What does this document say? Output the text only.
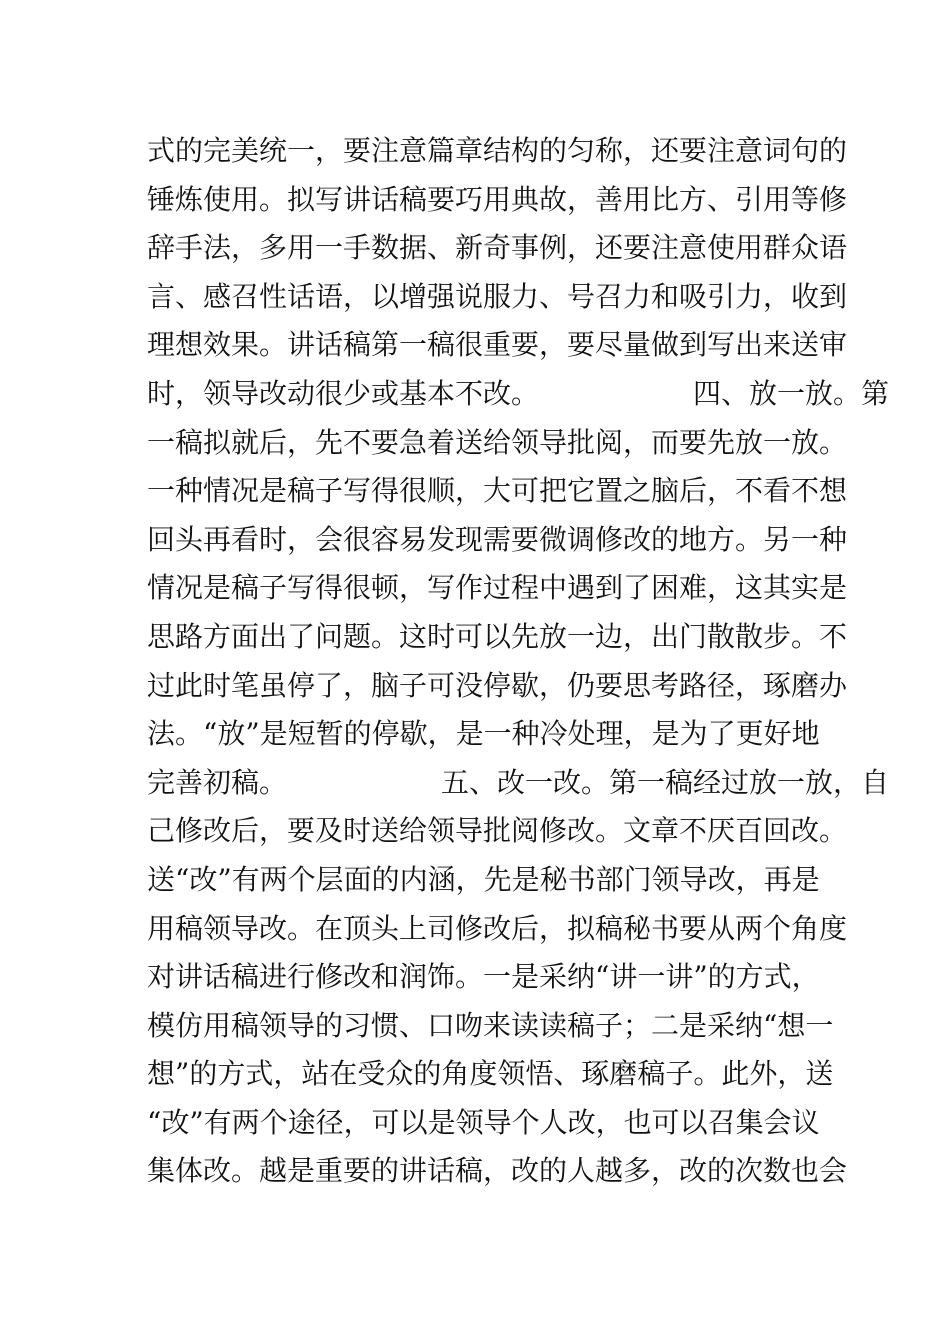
式的完美统一，要注意篇章结构的匀称，还要注意词句的
锤炼使用。拟写讲话稿要巧用典故，善用比方、引用等修
辞手法，多用一手数据、新奇事例，还要注意使用群众语
言、感召性话语，以增强说服力、号召力和吸引力，收到
理想效果。讲话稿第一稿很重要，要尽量做到写出来送审
时，领导改动很少或基本不改。　　　　　　四、放一放。第
一稿拟就后，先不要急着送给领导批阅，而要先放一放。
一种情况是稿子写得很顺，大可把它置之脑后，不看不想
回头再看时，会很容易发现需要微调修改的地方。另一种
情况是稿子写得很顿，写作过程中遇到了困难，这其实是
思路方面出了问题。这时可以先放一边，出门散散步。不
过此时笔虽停了，脑子可没停歇，仍要思考路径，琢磨办
法。“放”是短暂的停歇，是一种冷处理，是为了更好地
完善初稿。　　　　　　五、改一改。第一稿经过放一放，自
己修改后，要及时送给领导批阅修改。文章不厌百回改。
送“改”有两个层面的内涵，先是秘书部门领导改，再是
用稿领导改。在顶头上司修改后，拟稿秘书要从两个角度
对讲话稿进行修改和润饰。一是采纳“讲一讲”的方式，
模仿用稿领导的习惯、口吻来读读稿子；二是采纳“想一
想”的方式，站在受众的角度领悟、琢磨稿子。此外，送
“改”有两个途径，可以是领导个人改，也可以召集会议
集体改。越是重要的讲话稿，改的人越多，改的次数也会
